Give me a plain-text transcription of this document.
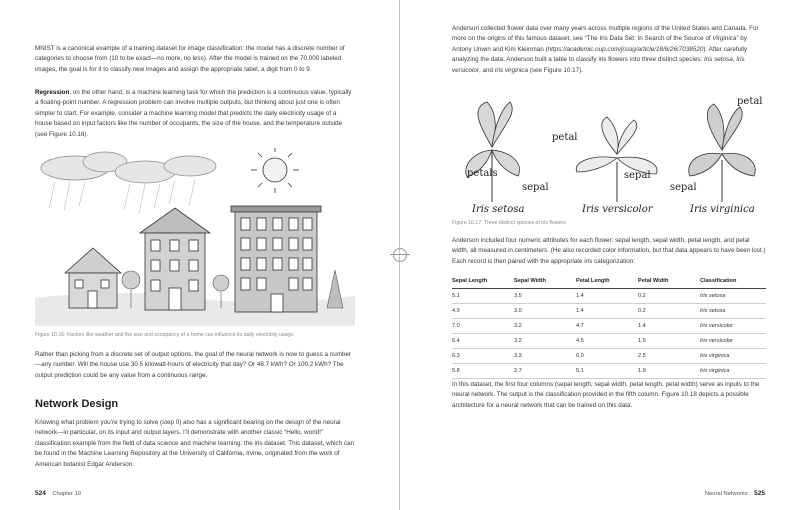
MNIST is a canonical example of a training dataset for image classification: the model has a discrete number of categories to choose from (10 to be exact—no more, no less). After the model is trained on the 70,000 labeled images, the goal is for it to classify new images and assign the appropriate label, a digit from 0 to 9.

Regression, on the other hand, is a machine learning task for which the prediction is a continuous value, typically a floating-point number. A regression problem can involve multiple outputs, but thinking about just one is often simpler to start. For example, consider a machine learning model that predicts the daily electricity usage of a house based on input factors like the number of occupants, the size of the house, and the temperature outside (see Figure 10.16).

Figure 10.16: Factors like weather and the size and occupancy of a home can influence its daily electricity usage.

Rather than picking from a discrete set of output options, the goal of the neural network is now to guess a number—any number. Will the house use 30.5 kilowatt-hours of electricity that day? Or 48.7 kWh? Or 100.2 kWh? The output prediction could be any value from a continuous range.

Network Design

Knowing what problem you’re trying to solve (step 0) also has a significant bearing on the design of the neural network—in particular, on its input and output layers. I’ll demonstrate with another classic “Hello, world!” classification example from the field of data science and machine learning: the iris dataset. This dataset, which can be found in the Machine Learning Repository at the University of California, Irvine, originated from the work of American botanist Edgar Anderson.

524 Chapter 10

Anderson collected flower data over many years across multiple regions of the United States and Canada. For more on the origins of this famous dataset, see “The Iris Data Set: In Search of the Source of Virginica” by Antony Unwin and Kim Kleinman (https://academic.oup.com/jrssig/article/18/6/26/7038520). After carefully analyzing the data, Anderson built a table to classify iris flowers into three distinct species: Iris setosa, Iris versicolor, and Iris virginica (see Figure 10.17).

petal
petal
petals
sepal
sepal
sepal
Iris setosa	Iris versicolor	Iris virginica
Figure 10.17: Three distinct species of iris flowers

Anderson included four numeric attributes for each flower: sepal length, sepal width, petal length, and petal width, all measured in centimeters. (He also recorded color information, but that data appears to have been lost.) Each record is then paired with the appropriate iris categorization:

Sepal Length	Sepal Width	Petal Length	Petal Width	Classification
5.1	3.5	1.4	0.2	Iris setosa
4.9	3.0	1.4	0.2	Iris setosa
7.0	3.2	4.7	1.4	Iris versicolor
6.4	3.2	4.5	1.5	Iris versicolor
6.3	3.3	6.0	2.5	Iris virginica
5.8	2.7	5.1	1.9	Iris virginica

In this dataset, the first four columns (sepal length, sepal width, petal length, petal width) serve as inputs to the neural network. The output is the classification provided in the fifth column. Figure 10.18 depicts a possible architecture for a neural network that can be trained on this data.

Neural Networks 525
